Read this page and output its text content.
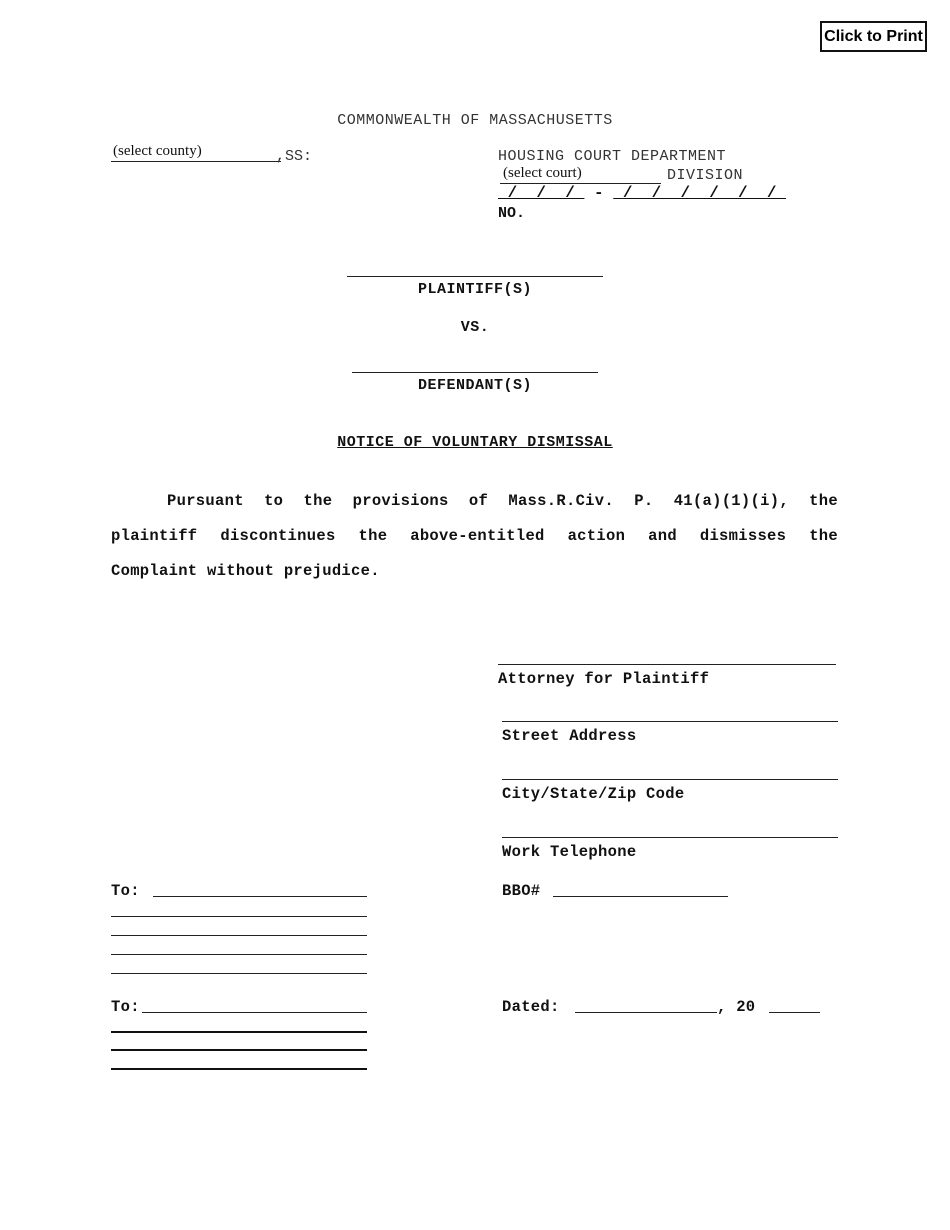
Click to Print
COMMONWEALTH OF MASSACHUSETTS
(select county)	,SS:	HOUSING COURT DEPARTMENT
(select court)	DIVISION
/  /  /  -  /  /  /  /  /  /
NO.
PLAINTIFF(S)
VS.
DEFENDANT(S)
NOTICE OF VOLUNTARY DISMISSAL
Pursuant to the provisions of Mass.R.Civ. P. 41(a)(1)(i), the plaintiff discontinues the above-entitled action and dismisses the Complaint without prejudice.
Attorney for Plaintiff
Street Address
City/State/Zip Code
Work Telephone
BBO#
Dated:	, 20
To:
To:
